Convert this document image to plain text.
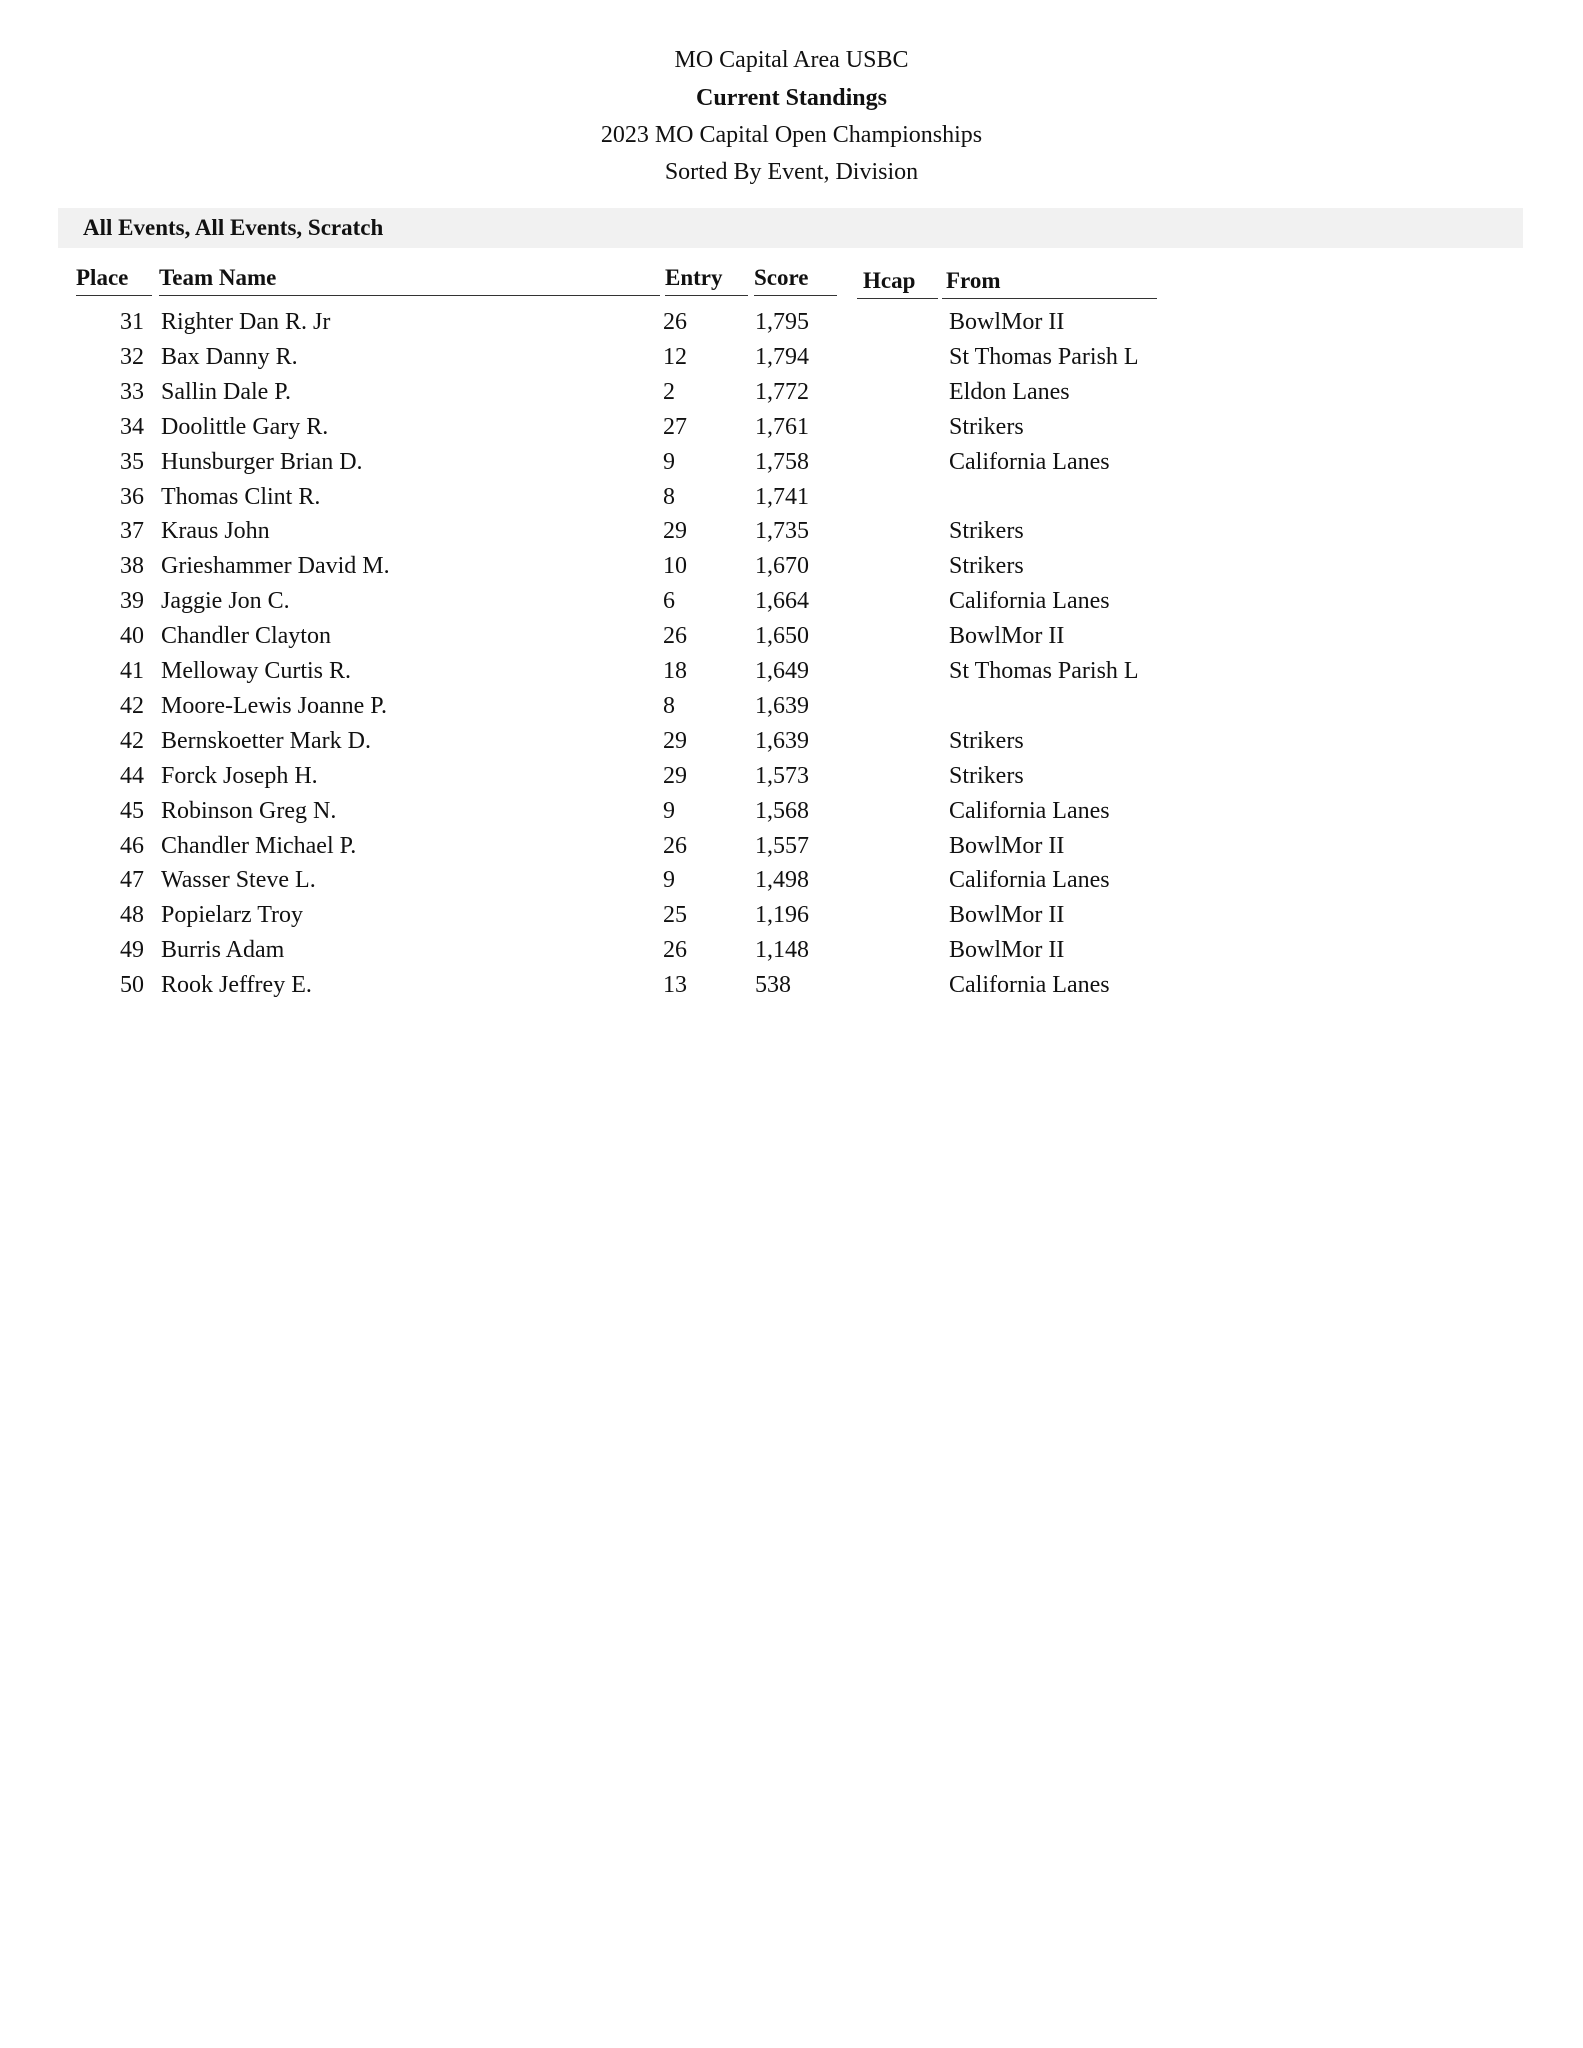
MO Capital Area USBC
Current Standings
2023 MO Capital Open Championships
Sorted By Event, Division
All Events, All Events, Scratch
Place	Team Name	Entry	Score	Hcap	From
31 Righter Dan R. Jr	26	1,795	BowlMor II
32 Bax Danny R.	12	1,794	St Thomas Parish L
33 Sallin Dale P.	2	1,772	Eldon Lanes
34 Doolittle Gary R.	27	1,761	Strikers
35 Hunsburger Brian D.	9	1,758	California Lanes
36 Thomas Clint R.	8	1,741
37 Kraus John	29	1,735	Strikers
38 Grieshammer David M.	10	1,670	Strikers
39 Jaggie Jon C.	6	1,664	California Lanes
40 Chandler Clayton	26	1,650	BowlMor II
41 Melloway Curtis R.	18	1,649	St Thomas Parish L
42 Moore-Lewis Joanne P.	8	1,639
42 Bernskoetter Mark D.	29	1,639	Strikers
44 Forck Joseph H.	29	1,573	Strikers
45 Robinson Greg N.	9	1,568	California Lanes
46 Chandler Michael P.	26	1,557	BowlMor II
47 Wasser Steve L.	9	1,498	California Lanes
48 Popielarz Troy	25	1,196	BowlMor II
49 Burris Adam	26	1,148	BowlMor II
50 Rook Jeffrey E.	13	538	California Lanes
